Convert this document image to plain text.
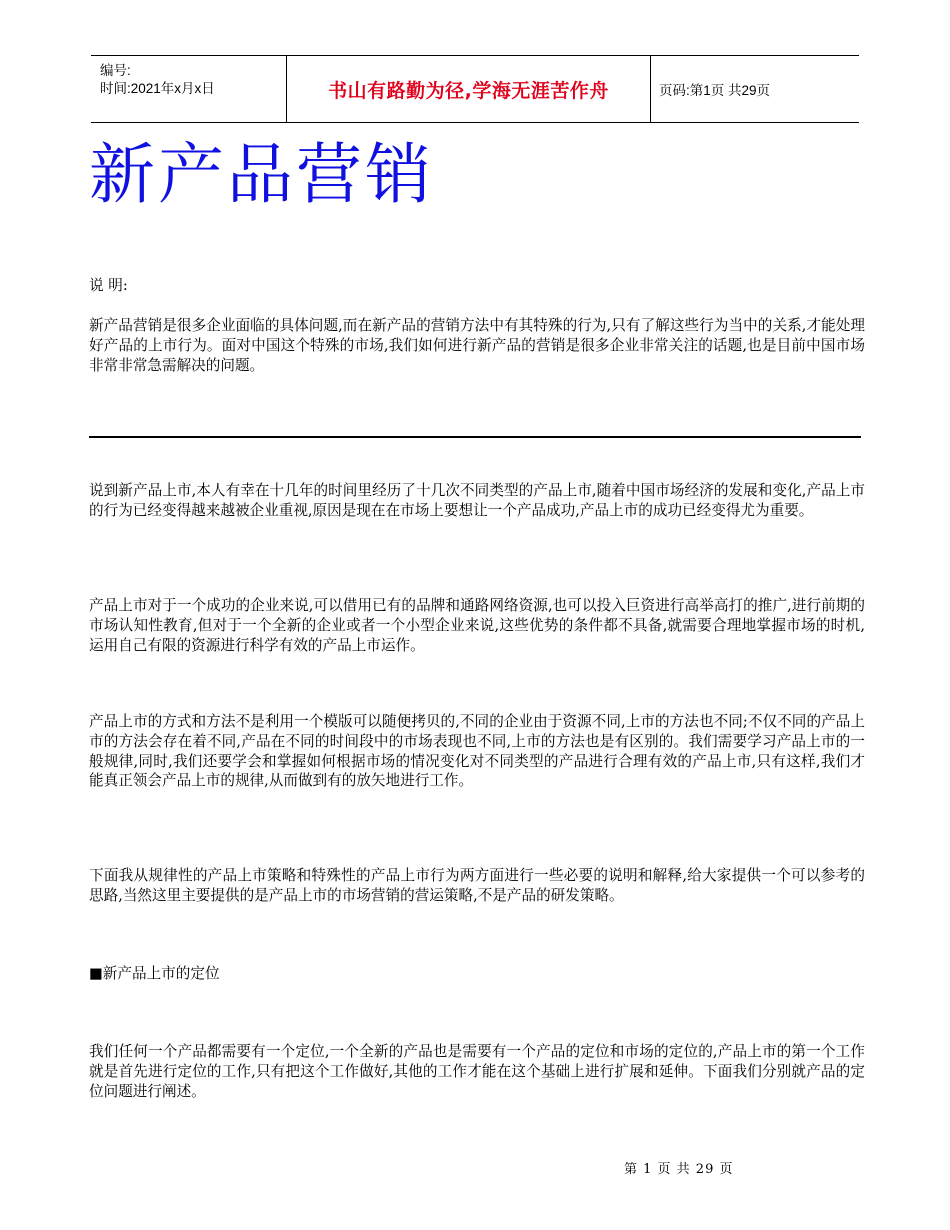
编号:
时间:2021年x月x日	书山有路勤为径,学海无涯苦作舟	页码:第1页 共29页
新产品营销

说 明:

新产品营销是很多企业面临的具体问题,而在新产品的营销方法中有其特殊的行为,只有了解这些行为当中的关系,才能处理好产品的上市行为。面对中国这个特殊的市场,我们如何进行新产品的营销是很多企业非常关注的话题,也是目前中国市场非常非常急需解决的问题。

说到新产品上市,本人有幸在十几年的时间里经历了十几次不同类型的产品上市,随着中国市场经济的发展和变化,产品上市的行为已经变得越来越被企业重视,原因是现在在市场上要想让一个产品成功,产品上市的成功已经变得尤为重要。

产品上市对于一个成功的企业来说,可以借用已有的品牌和通路网络资源,也可以投入巨资进行高举高打的推广,进行前期的市场认知性教育,但对于一个全新的企业或者一个小型企业来说,这些优势的条件都不具备,就需要合理地掌握市场的时机,运用自己有限的资源进行科学有效的产品上市运作。

产品上市的方式和方法不是利用一个模版可以随便拷贝的,不同的企业由于资源不同,上市的方法也不同;不仅不同的产品上市的方法会存在着不同,产品在不同的时间段中的市场表现也不同,上市的方法也是有区别的。我们需要学习产品上市的一般规律,同时,我们还要学会和掌握如何根据市场的情况变化对不同类型的产品进行合理有效的产品上市,只有这样,我们才能真正领会产品上市的规律,从而做到有的放矢地进行工作。

下面我从规律性的产品上市策略和特殊性的产品上市行为两方面进行一些必要的说明和解释,给大家提供一个可以参考的思路,当然这里主要提供的是产品上市的市场营销的营运策略,不是产品的研发策略。

■新产品上市的定位

我们任何一个产品都需要有一个定位,一个全新的产品也是需要有一个产品的定位和市场的定位的,产品上市的第一个工作就是首先进行定位的工作,只有把这个工作做好,其他的工作才能在这个基础上进行扩展和延伸。下面我们分别就产品的定位问题进行阐述。

第 1 页 共 29 页
